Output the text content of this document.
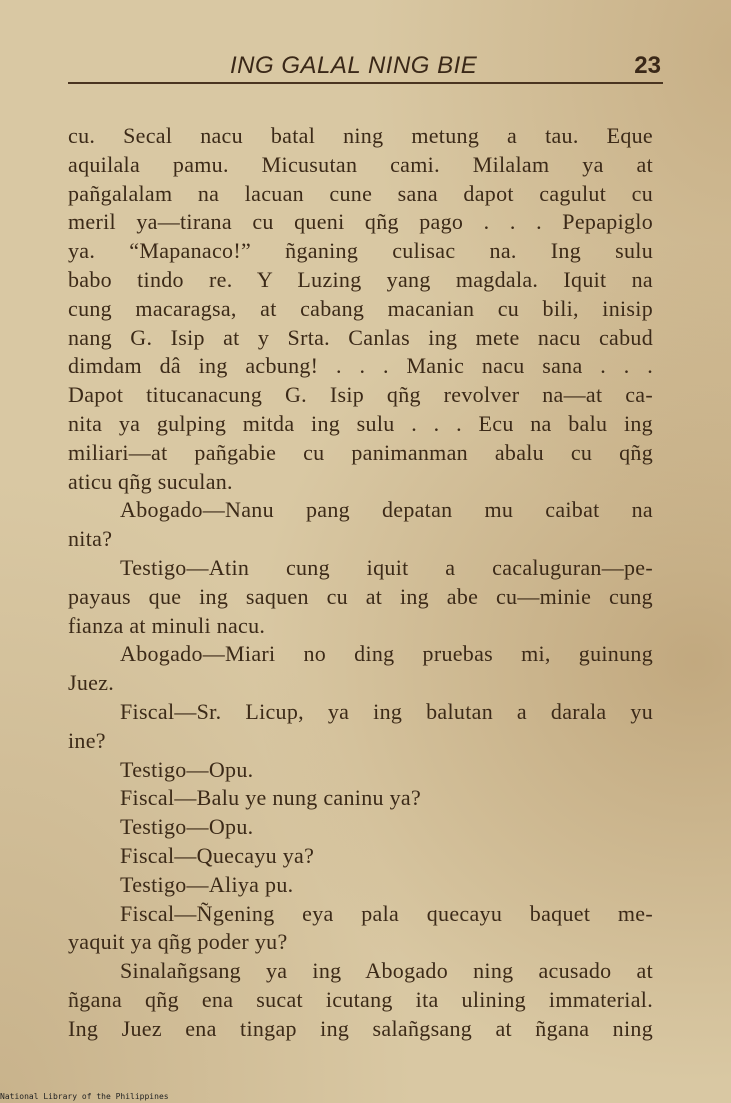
ING GALAL NING BIE	23
cu. Secal nacu batal ning metung a tau. Eque
aquilala pamu. Micusutan cami. Milalam ya at
pañgalalam na lacuan cune sana dapot cagulut cu
meril ya—tirana cu queni qñg pago . . . Pepapiglo
ya. “Mapanaco!” ñganing culisac na. Ing sulu
babo tindo re. Y Luzing yang magdala. Iquit na
cung macaragsa, at cabang macanian cu bili, inisip
nang G. Isip at y Srta. Canlas ing mete nacu cabud
dimdam dâ ing acbung! . . . Manic nacu sana . . .
Dapot titucanacung G. Isip qñg revolver na—at ca-
nita ya gulping mitda ing sulu . . . Ecu na balu ing
miliari—at pañgabie cu panimanman abalu cu qñg
aticu qñg suculan.
Abogado—Nanu pang depatan mu caibat na
nita?
Testigo—Atin cung iquit a cacaluguran—pe-
payaus que ing saquen cu at ing abe cu—minie cung
fianza at minuli nacu.
Abogado—Miari no ding pruebas mi, guinung
Juez.
Fiscal—Sr. Licup, ya ing balutan a darala yu
ine?
Testigo—Opu.
Fiscal—Balu ye nung caninu ya?
Testigo—Opu.
Fiscal—Quecayu ya?
Testigo—Aliya pu.
Fiscal—Ñgening eya pala quecayu baquet me-
yaquit ya qñg poder yu?
Sinalañgsang ya ing Abogado ning acusado at
ñgana qñg ena sucat icutang ita ulining immaterial.
Ing Juez ena tingap ing salañgsang at ñgana ning
National Library of the Philippines
